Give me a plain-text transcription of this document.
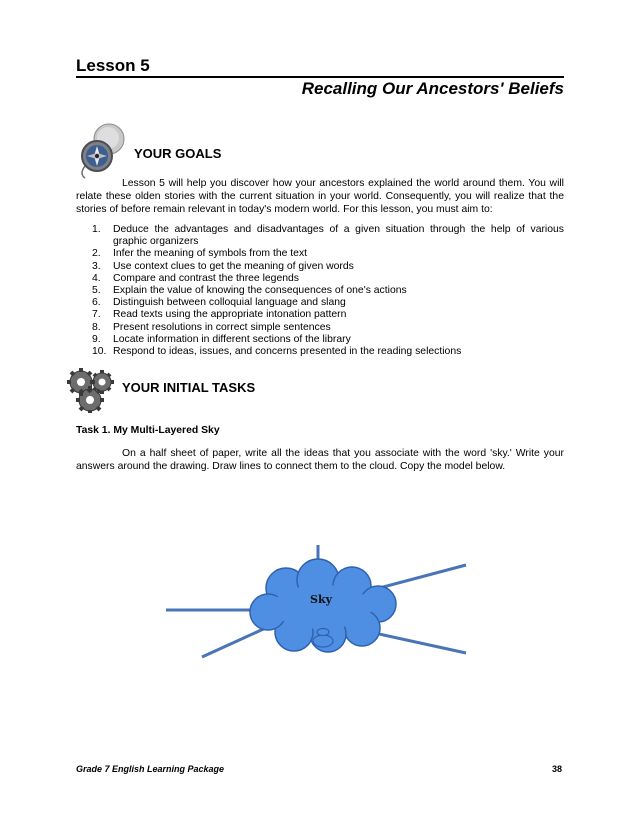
Lesson 5
Recalling Our Ancestors' Beliefs
YOUR GOALS
Lesson 5 will help you discover how your ancestors explained the world around them. You will relate these olden stories with the current situation in your world. Consequently, you will realize that the stories of before remain relevant in today's modern world. For this lesson, you must aim to:
1. Deduce the advantages and disadvantages of a given situation through the help of various graphic organizers
2. Infer the meaning of symbols from the text
3. Use context clues to get the meaning of given words
4. Compare and contrast the three legends
5. Explain the value of knowing the consequences of one's actions
6. Distinguish between colloquial language and slang
7. Read texts using the appropriate intonation pattern
8. Present resolutions in correct simple sentences
9. Locate information in different sections of the library
10. Respond to ideas, issues, and concerns presented in the reading selections
YOUR INITIAL TASKS
Task 1. My Multi-Layered Sky
On a half sheet of paper, write all the ideas that you associate with the word 'sky.' Write your answers around the drawing. Draw lines to connect them to the cloud. Copy the model below.
Sky
Grade 7 English Learning Package	38
